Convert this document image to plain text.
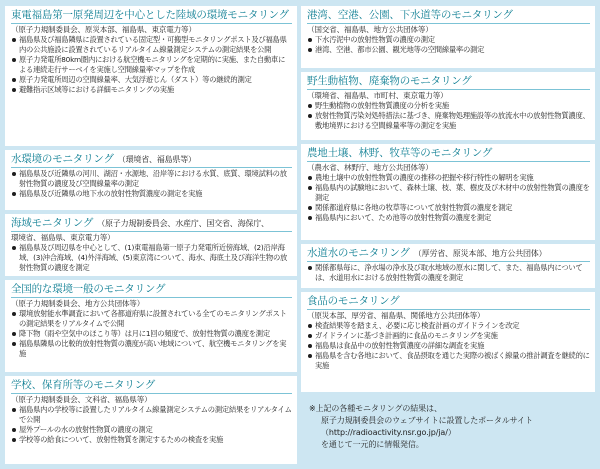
東電福島第一原発周辺を中心とした陸域の環境モニタリング
（原子力規制委員会、原災本部、福島県、東京電力等）
福島県及び福島隣県に設置されている固定型・可搬型モニタリングポスト及び福島県内の公共施設に設置されているリアルタイム線量測定システムの測定結果を公開
原子力発電所80km圏内における航空機モニタリングを定期的に実施、また自動車による連続走行サーベイを実施し空間線量率マップを作成
原子力発電所周辺の空間線量率、大気浮遊じん（ダスト）等の継続的測定
避難指示区域等における詳細モニタリングの実施
水環境のモニタリング （環境省、福島県等）
福島県及び近隣県の河川、湖沼・水源地、沿岸等における水質、底質、環境試料の放射性物質の濃度及び空間線量率の測定
福島県及び近隣県の地下水の放射性物質濃度の測定を実施
海域モニタリング （原子力規制委員会、水産庁、国交省、海保庁、
環境省、福島県、東京電力等）
福島県及び周辺県を中心として、(1)東電福島第一原子力発電所近傍海域、(2)沿岸海域、(3)沖合海域、(4)外洋海域、(5)東京湾について、海水、海底土及び海洋生物の放射性物質の濃度を測定
全国的な環境一般のモニタリング
（原子力規制委員会、地方公共団体等）
環境放射能水準調査において各都道府県に設置されている全てのモニタリングポストの測定結果をリアルタイムで公開
降下物（雨や空気中のほこり等）は月に1回の頻度で、放射性物質の濃度を測定
福島県隣県の比較的放射性物質の濃度が高い地域について、航空機モニタリングを実施
学校、保育所等のモニタリング
（原子力規制委員会、文科省、福島県等）
福島県内の学校等に設置したリアルタイム線量測定システムの測定結果をリアルタイムで公開
屋外プールの水の放射性物質の濃度の測定
学校等の給食について、放射性物質を測定するための検査を実施
港湾、空港、公園、下水道等のモニタリング
（国交省、福島県、地方公共団体等）
下水汚泥中の放射性物質の濃度の測定
港湾、空港、都市公園、観光地等の空間線量率の測定
野生動植物、廃棄物のモニタリング
（環境省、福島県、市町村、東京電力等）
野生動植物の放射性物質濃度の分析を実施
放射性物質汚染対処特措法に基づき、廃棄物処理施設等の放流水中の放射性物質濃度、敷地境界における空間線量率等の測定を実施
農地土壌、林野、牧草等のモニタリング
（農水省、林野庁、地方公共団体等）
農地土壌中の放射性物質の濃度の推移の把握や移行特性の解明を実施
福島県内の試験地において、森林土壌、枝、葉、樹皮及び木材中の放射性物質の濃度を測定
関係都道府県に各地の牧草等について放射性物質の濃度を測定
福島県内において、ため池等の放射性物質の濃度を測定
水道水のモニタリング （厚労省、原災本部、地方公共団体）
関係都県毎に、浄水場の浄水及び取水地域の原水に関して、また、福島県内については、水道用水における放射性物質の濃度を測定
食品のモニタリング
（原災本部、厚労省、福島県、関係地方公共団体等）
検査結果等を踏まえ、必要に応じ検査計画のガイドラインを改定
ガイドラインに基づき計画的に食品のモニタリングを実施
福島県は食品中の放射性物質濃度の詳細な調査を実施
福島県を含む各地において、食品摂取を通じた実際の被ばく線量の推計調査を継続的に実施
※上記の各種モニタリングの結果は、
原子力規制委員会のウェブサイトに設置したポータルサイト
（http://radioactivity.nsr.go.jp/ja/）
を通じて一元的に情報発信。
